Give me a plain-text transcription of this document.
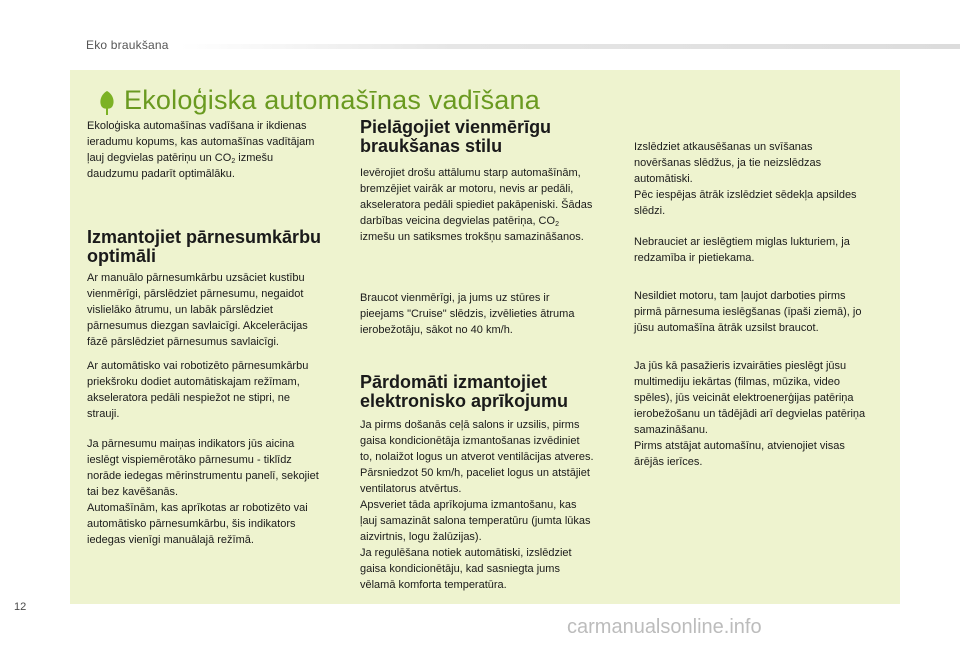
Eko braukšana
Ekoloģiska automašīnas vadīšana

Ekoloģiska automašīnas vadīšana ir ikdienas
ieradumu kopums, kas automašīnas vadītājam
ļauj degvielas patēriņu un $CO_2$ izmešu
daudzumu padarīt optimālāku.

Izmantojiet pārnesumkārbu
optimāli

Ar manuālo pārnesumkārbu uzsāciet kustību
vienmērīgi, pārslēdziet pārnesumu, negaidot
vislielāko ātrumu, un labāk pārslēdziet
pārnesumus diezgan savlaicīgi. Akcelerācijas
fāzē pārslēdziet pārnesumus savlaicīgi.

Ar automātisko vai robotizēto pārnesumkārbu
priekšroku dodiet automātiskajam režīmam,
akseleratora pedāli nespiežot ne stipri, ne
strauji.

Ja pārnesumu maiņas indikators jūs aicina
ieslēgt vispiemērotāko pārnesumu - tiklīdz
norāde iedegas mērinstrumentu panelī, sekojiet
tai bez kavēšanās.
Automašīnām, kas aprīkotas ar robotizēto vai
automātisko pārnesumkārbu, šis indikators
iedegas vienīgi manuālajā režīmā.

Pielāgojiet vienmērīgu
braukšanas stilu

Ievērojiet drošu attālumu starp automašīnām,
bremzējiet vairāk ar motoru, nevis ar pedāli,
akseleratora pedāli spiediet pakāpeniski. Šādas
darbības veicina degvielas patēriņa, $CO_2$
izmešu un satiksmes trokšņu samazināšanos.

Braucot vienmērīgi, ja jums uz stūres ir
pieejams "Cruise" slēdzis, izvēlieties ātruma
ierobežotāju, sākot no 40 km/h.

Pārdomāti izmantojiet
elektronisko aprīkojumu

Ja pirms došanās ceļā salons ir uzsilis, pirms
gaisa kondicionētāja izmantošanas izvēdiniet
to, nolaižot logus un atverot ventilācijas atveres.
Pārsniedzot 50 km/h, paceliet logus un atstājiet
ventilatorus atvērtus.
Apsveriet tāda aprīkojuma izmantošanu, kas
ļauj samazināt salona temperatūru (jumta lūkas
aizvirtnis, logu žalūzijas).
Ja regulēšana notiek automātiski, izslēdziet
gaisa kondicionētāju, kad sasniegta jums
vēlamā komforta temperatūra.

Izslēdziet atkausēšanas un svīšanas
novēršanas slēdžus, ja tie neizslēdzas
automātiski.
Pēc iespējas ātrāk izslēdziet sēdekļa apsildes
slēdzi.

Nebrauciet ar ieslēgtiem miglas lukturiem, ja
redzamība ir pietiekama.

Nesildiet motoru, tam ļaujot darboties pirms
pirmā pārnesuma ieslēgšanas (īpaši ziemā), jo
jūsu automašīna ātrāk uzsilst braucot.

Ja jūs kā pasažieris izvairāties pieslēgt jūsu
multimediju iekārtas (filmas, mūzika, video
spēles), jūs veicināt elektroenerģijas patēriņa
ierobežošanu un tādējādi arī degvielas patēriņa
samazināšanu.
Pirms atstājat automašīnu, atvienojiet visas
ārējās ierīces.

12
carmanualsonline.info
